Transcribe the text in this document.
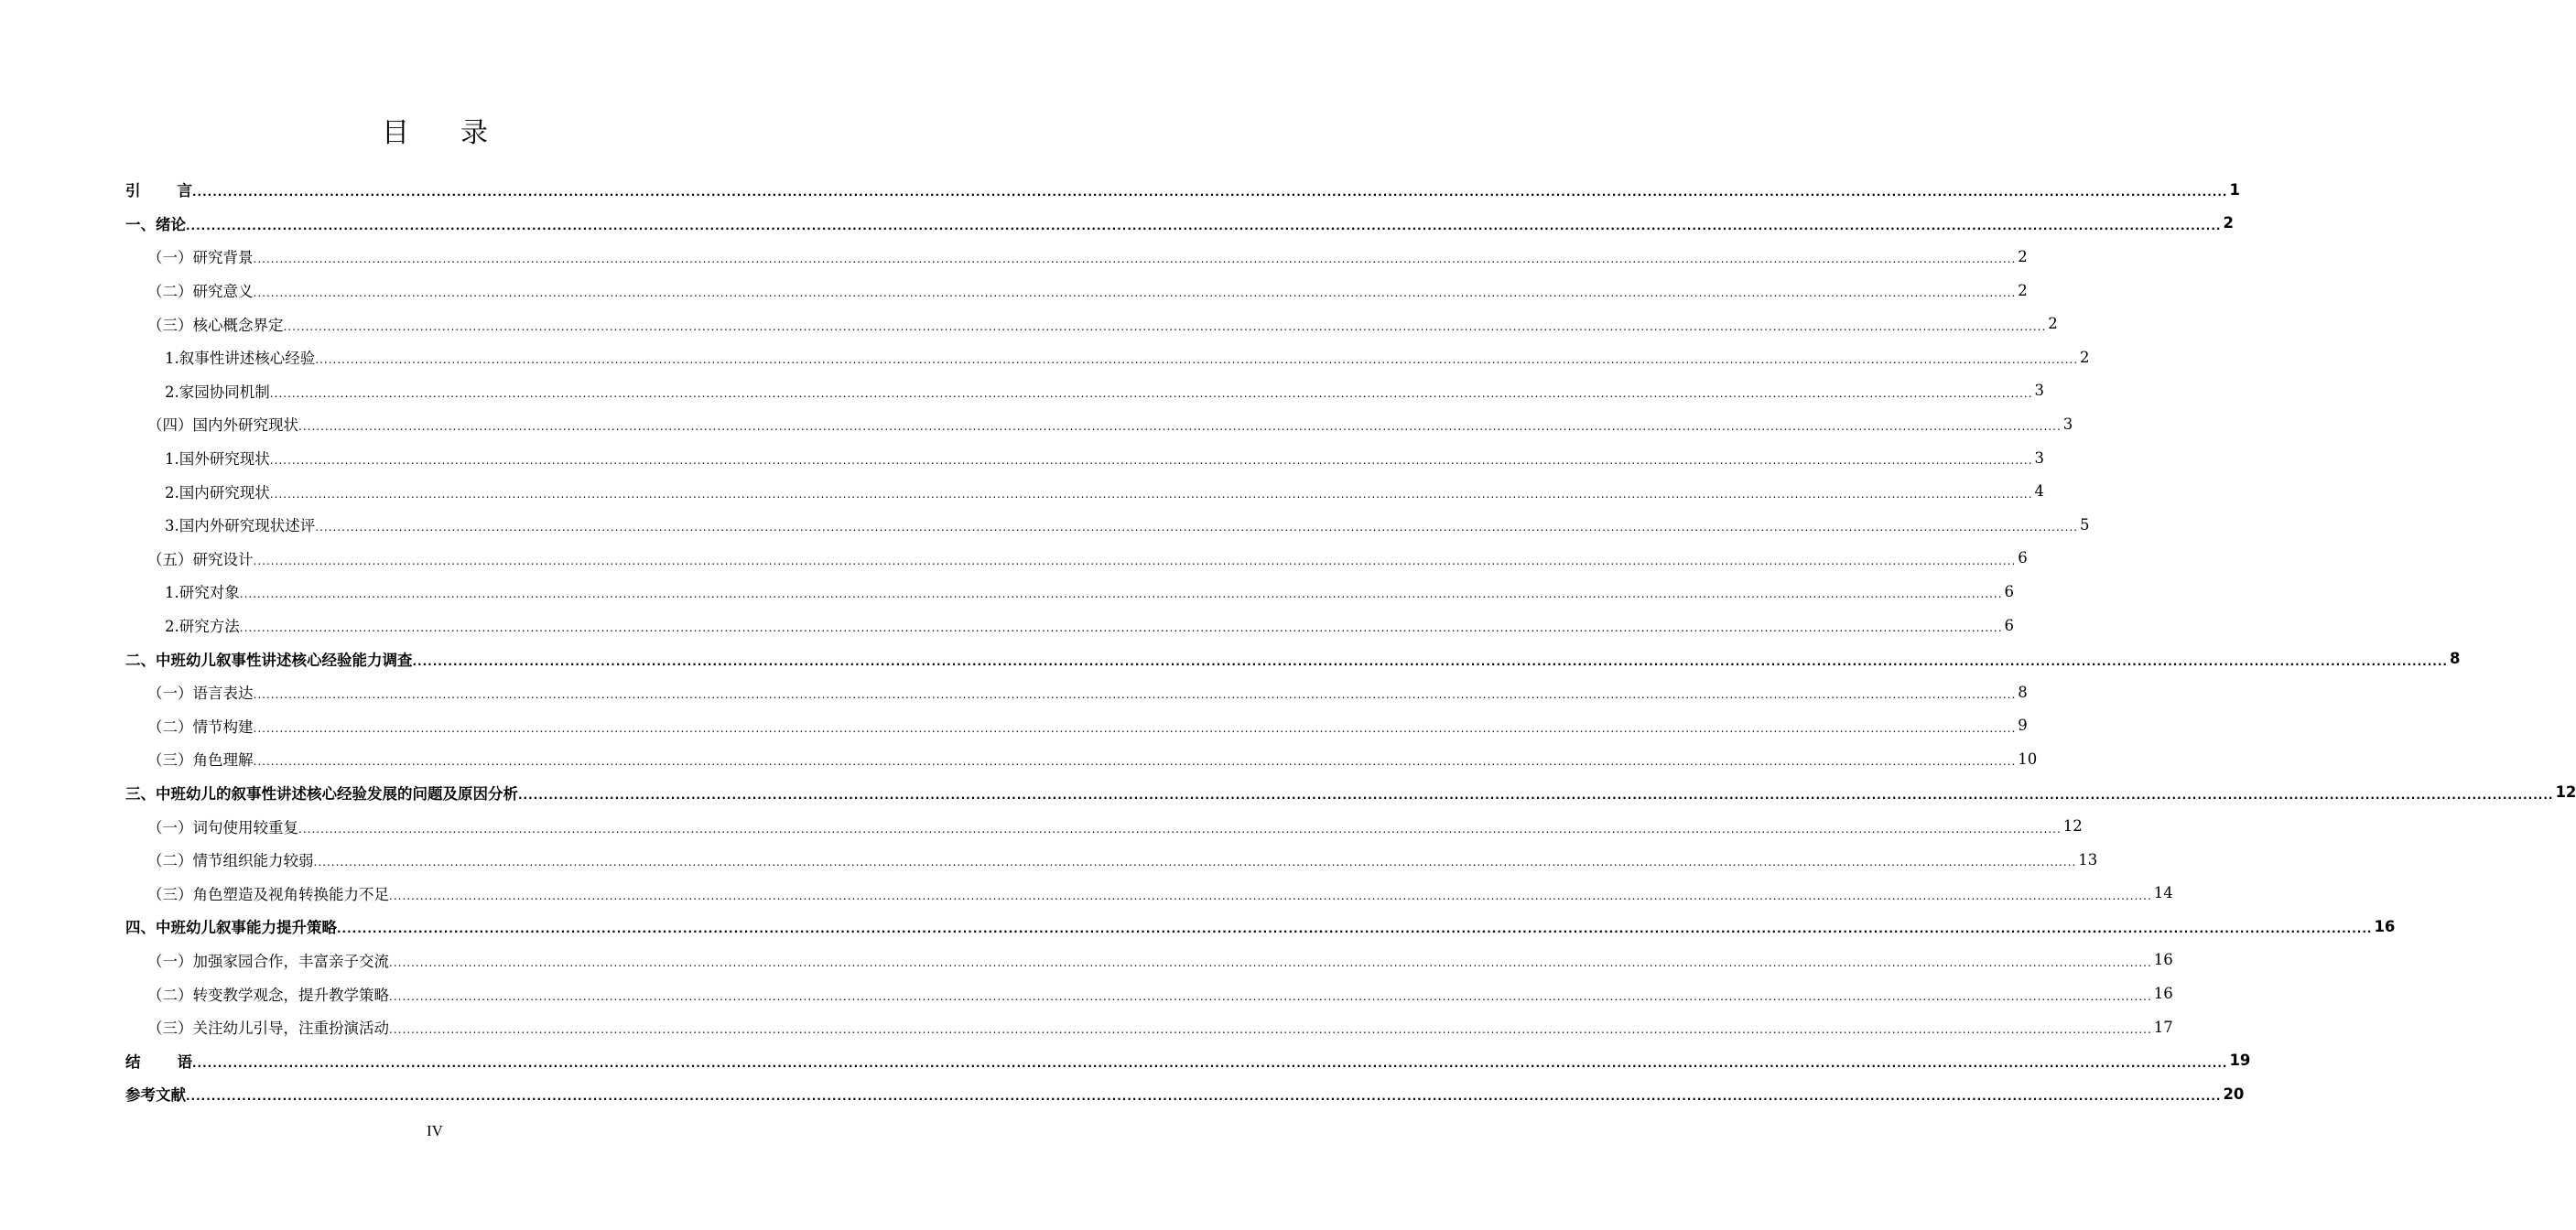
目 录
引 言 ................................................................................................................................................................................................................................................................................................................................................................................................................ 1
一、绪论 ................................................................................................................................................................................................................................................................................................................................................................................................................ 2
（一）研究背景 ................................................................................................................................................................................................................................................................................................................................................................................................................ 2
（二）研究意义 ................................................................................................................................................................................................................................................................................................................................................................................................................ 2
（三）核心概念界定 ................................................................................................................................................................................................................................................................................................................................................................................................................ 2
1.叙事性讲述核心经验 ................................................................................................................................................................................................................................................................................................................................................................................................................ 2
2.家园协同机制 ................................................................................................................................................................................................................................................................................................................................................................................................................ 3
（四）国内外研究现状 ................................................................................................................................................................................................................................................................................................................................................................................................................ 3
1.国外研究现状 ................................................................................................................................................................................................................................................................................................................................................................................................................ 3
2.国内研究现状 ................................................................................................................................................................................................................................................................................................................................................................................................................ 4
3.国内外研究现状述评 ................................................................................................................................................................................................................................................................................................................................................................................................................ 5
（五）研究设计 ................................................................................................................................................................................................................................................................................................................................................................................................................ 6
1.研究对象 ................................................................................................................................................................................................................................................................................................................................................................................................................ 6
2.研究方法 ................................................................................................................................................................................................................................................................................................................................................................................................................ 6
二、中班幼儿叙事性讲述核心经验能力调查 ................................................................................................................................................................................................................................................................................................................................................................................................................ 8
（一）语言表达 ................................................................................................................................................................................................................................................................................................................................................................................................................ 8
（二）情节构建 ................................................................................................................................................................................................................................................................................................................................................................................................................ 9
（三）角色理解 ................................................................................................................................................................................................................................................................................................................................................................................................................ 10
三、中班幼儿的叙事性讲述核心经验发展的问题及原因分析 ................................................................................................................................................................................................................................................................................................................................................................................................................ 12
（一）词句使用较重复 ................................................................................................................................................................................................................................................................................................................................................................................................................ 12
（二）情节组织能力较弱 ................................................................................................................................................................................................................................................................................................................................................................................................................ 13
（三）角色塑造及视角转换能力不足 ................................................................................................................................................................................................................................................................................................................................................................................................................ 14
四、中班幼儿叙事能力提升策略 ................................................................................................................................................................................................................................................................................................................................................................................................................ 16
（一）加强家园合作，丰富亲子交流 ................................................................................................................................................................................................................................................................................................................................................................................................................ 16
（二）转变教学观念，提升教学策略 ................................................................................................................................................................................................................................................................................................................................................................................................................ 16
（三）关注幼儿引导，注重扮演活动 ................................................................................................................................................................................................................................................................................................................................................................................................................ 17
结 语 ................................................................................................................................................................................................................................................................................................................................................................................................................ 19
参考文献 ................................................................................................................................................................................................................................................................................................................................................................................................................ 20
IV
